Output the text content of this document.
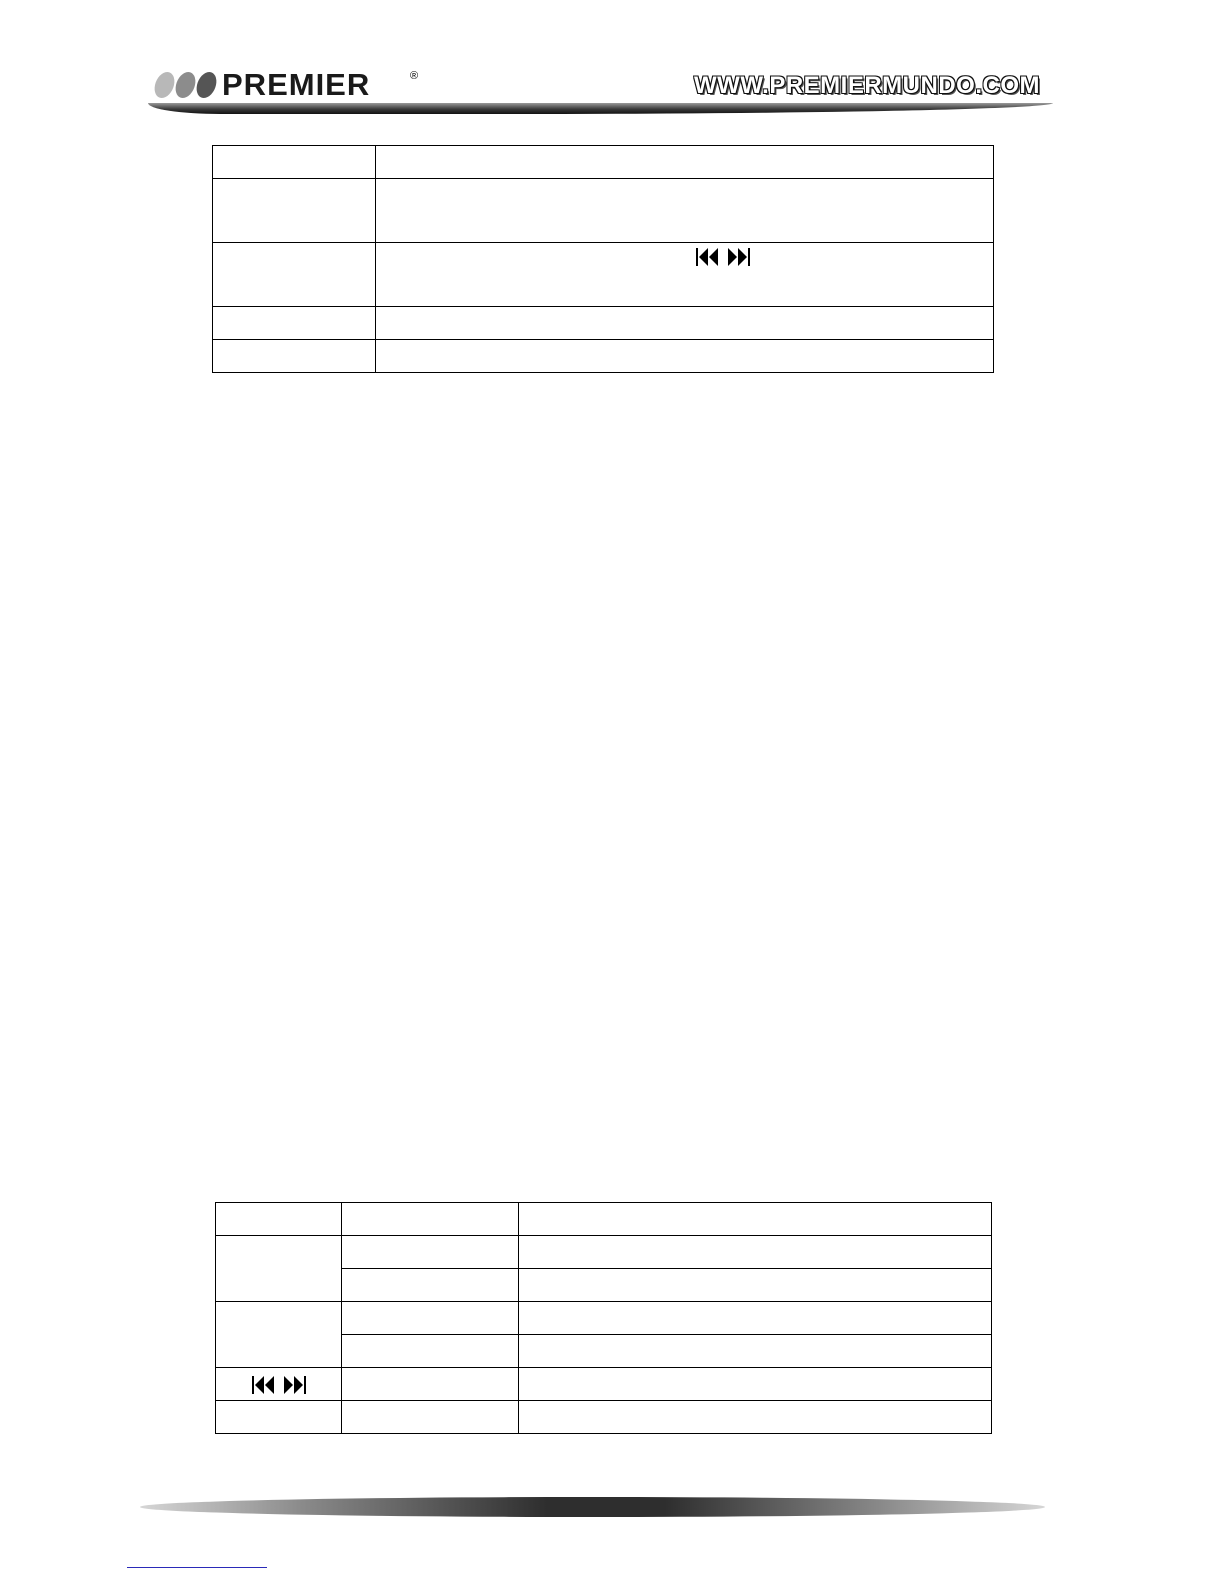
PREMIER	®	WWW.PREMIERMUNDO.COM
